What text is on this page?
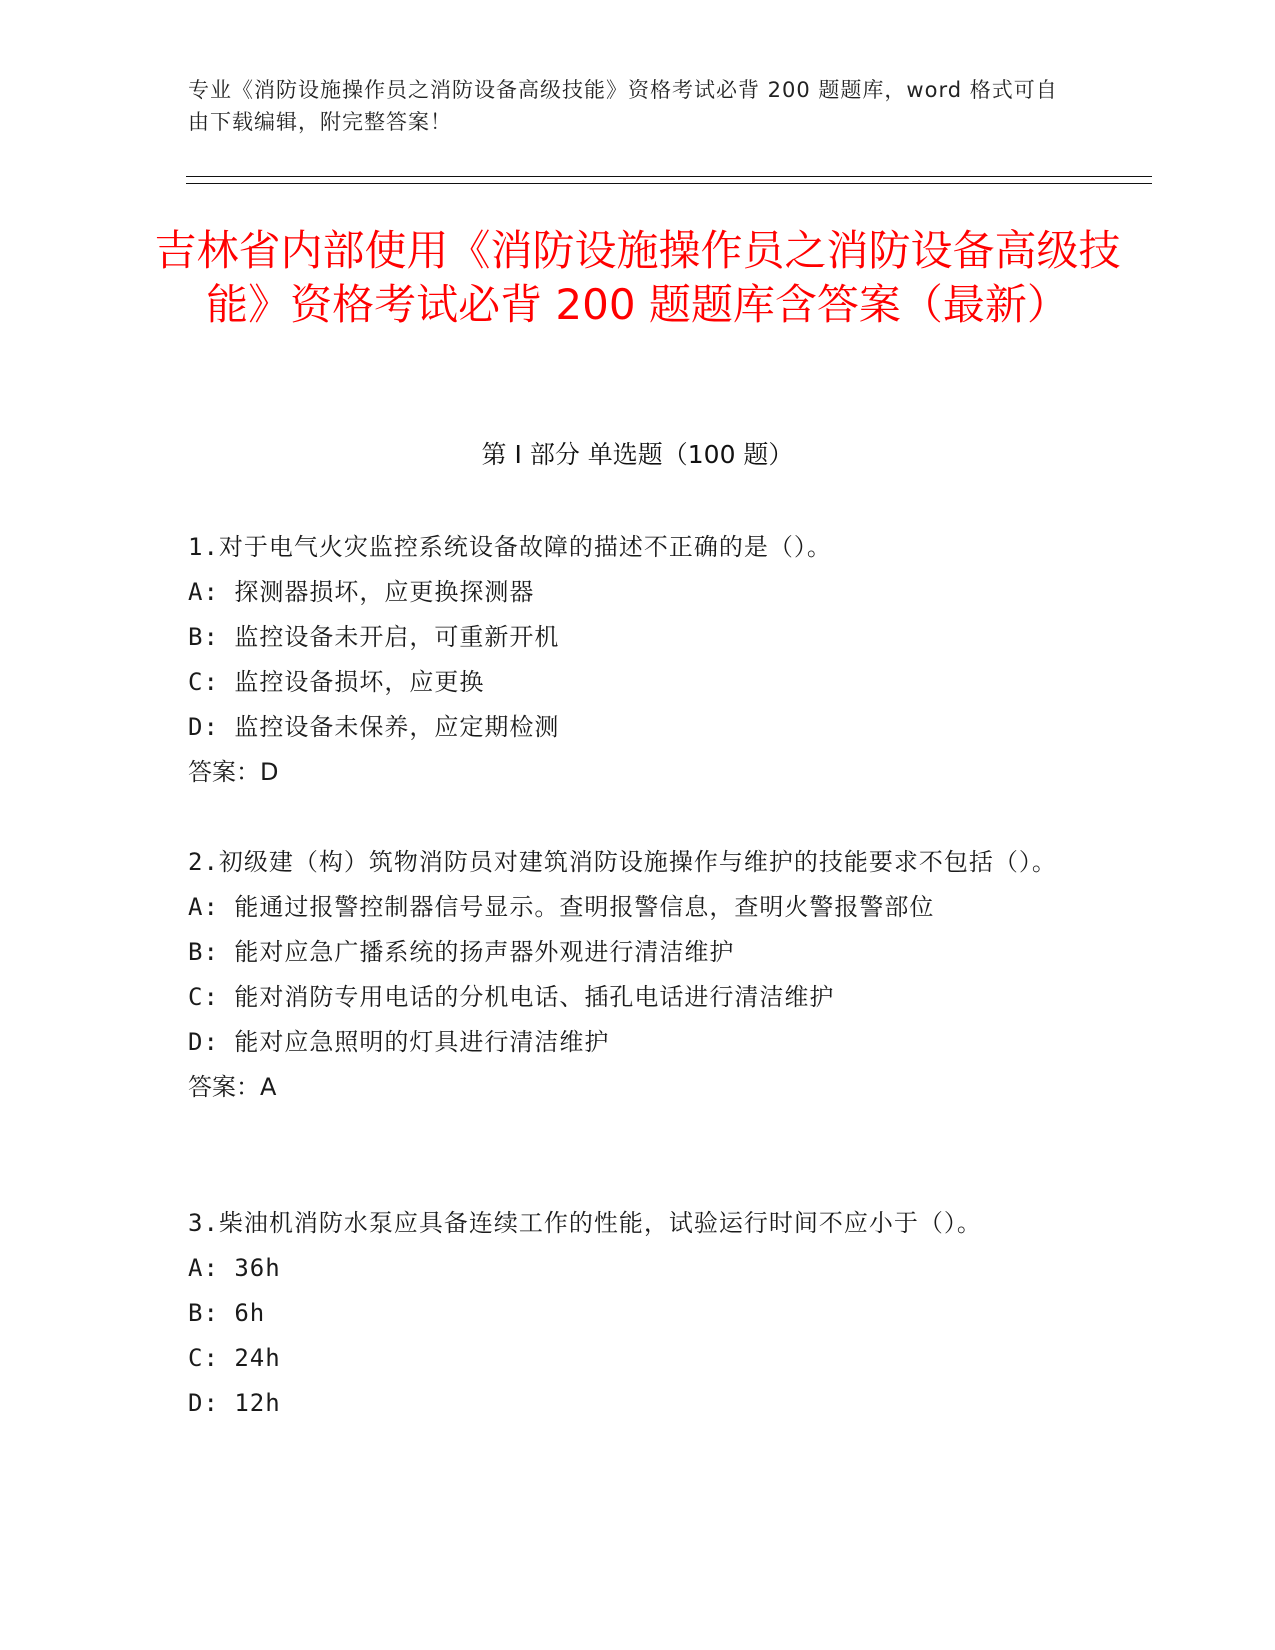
专业《消防设施操作员之消防设备高级技能》资格考试必背 200 题题库，word 格式可自由下载编辑，附完整答案！
吉林省内部使用《消防设施操作员之消防设备高级技能》资格考试必背 200 题题库含答案（最新）
第 I 部分 单选题（100 题）
1.对于电气火灾监控系统设备故障的描述不正确的是（）。
A: 探测器损坏，应更换探测器
B: 监控设备未开启，可重新开机
C: 监控设备损坏，应更换
D: 监控设备未保养，应定期检测
答案：D
2.初级建（构）筑物消防员对建筑消防设施操作与维护的技能要求不包括（）。
A: 能通过报警控制器信号显示。查明报警信息，查明火警报警部位
B: 能对应急广播系统的扬声器外观进行清洁维护
C: 能对消防专用电话的分机电话、插孔电话进行清洁维护
D: 能对应急照明的灯具进行清洁维护
答案：A
3.柴油机消防水泵应具备连续工作的性能，试验运行时间不应小于（）。
A: 36h
B: 6h
C: 24h
D: 12h
